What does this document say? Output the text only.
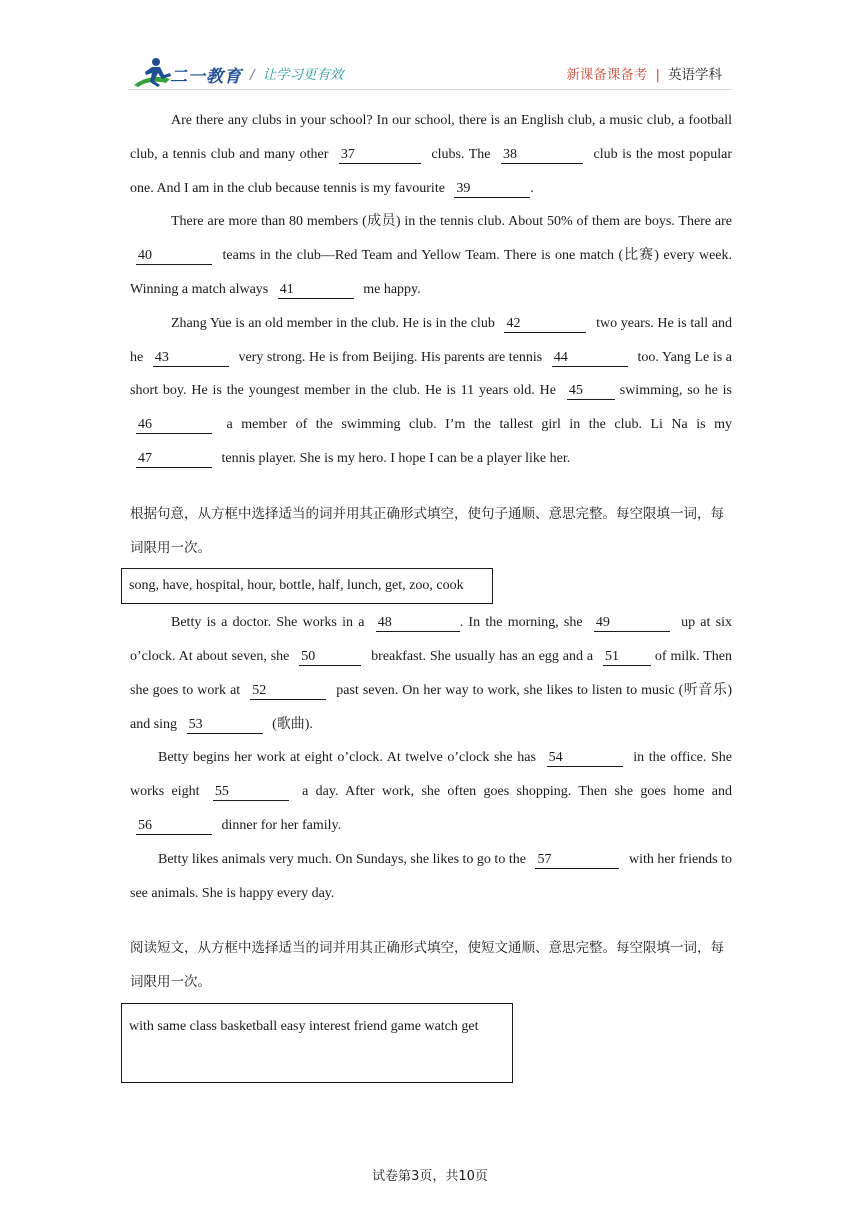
二一教育 / 让学习更有效	新课备课备考 | 英语学科

Are there any clubs in your school? In our school, there is an English club, a music club, a football club, a tennis club and many other 37	clubs. The 38	club is the most popular one. And I am in the club because tennis is my favourite 39	.

There are more than 80 members (成员) in the tennis club. About 50% of them are boys. There are 40	teams in the club—Red Team and Yellow Team. There is one match (比赛) every week. Winning a match always 41	me happy.

Zhang Yue is an old member in the club. He is in the club 42	two years. He is tall and he 43	very strong. He is from Beijing. His parents are tennis 44	too. Yang Le is a short boy. He is the youngest member in the club. He is 11 years old. He 45	swimming, so he is 46	a member of the swimming club. I’m the tallest girl in the club. Li Na is my 47	tennis player. She is my hero. I hope I can be a player like her.

根据句意，从方框中选择适当的词并用其正确形式填空，使句子通顺、意思完整。每空限填一词，每词限用一次。

song, have, hospital, hour, bottle, half, lunch, get, zoo, cook

Betty is a doctor. She works in a 48	. In the morning, she 49	up at six o’clock. At about seven, she 50	breakfast. She usually has an egg and a 51	of milk. Then she goes to work at 52	past seven. On her way to work, she likes to listen to music (听音乐) and sing 53	(歌曲).

Betty begins her work at eight o’clock. At twelve o’clock she has 54	in the office. She works eight 55	a day. After work, she often goes shopping. Then she goes home and 56	dinner for her family.

Betty likes animals very much. On Sundays, she likes to go to the 57	with her friends to see animals. She is happy every day.

阅读短文，从方框中选择适当的词并用其正确形式填空，使短文通顺、意思完整。每空限填一词，每词限用一次。

with same class basketball easy interest friend game watch get
试卷第3页，共10页
